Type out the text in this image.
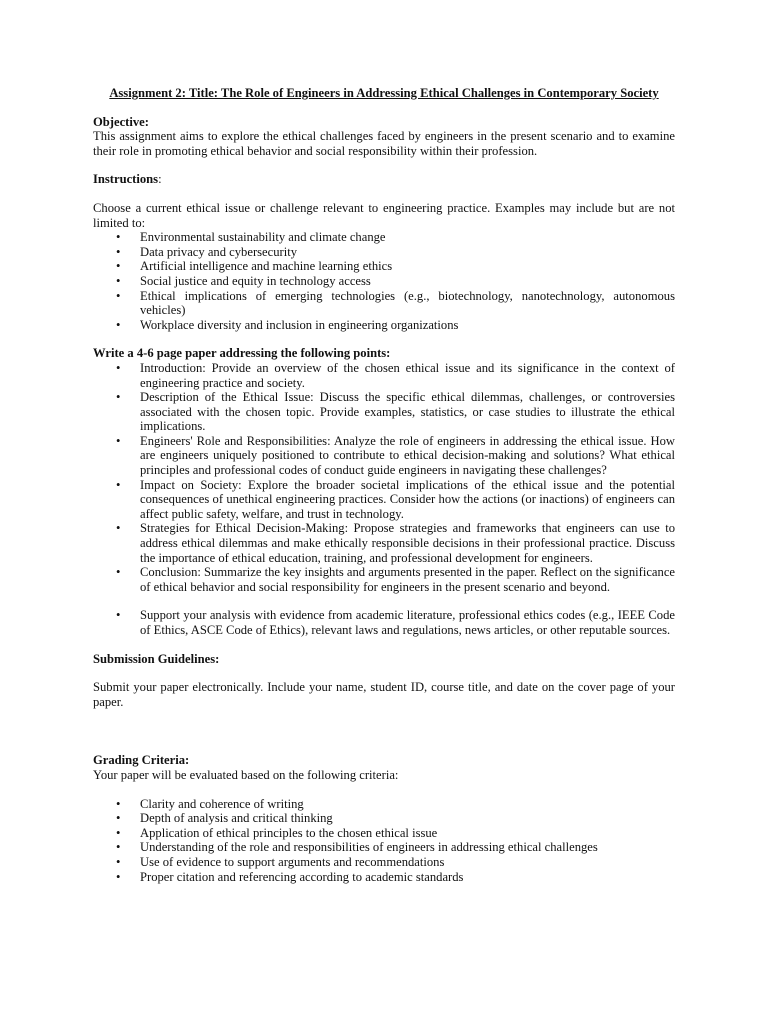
Assignment 2: Title: The Role of Engineers in Addressing Ethical Challenges in Contemporary Society
Objective:

This assignment aims to explore the ethical challenges faced by engineers in the present scenario and to examine their role in promoting ethical behavior and social responsibility within their profession.

Instructions:

Choose a current ethical issue or challenge relevant to engineering practice. Examples may include but are not limited to:

• Environmental sustainability and climate change
• Data privacy and cybersecurity
• Artificial intelligence and machine learning ethics
• Social justice and equity in technology access
• Ethical implications of emerging technologies (e.g., biotechnology, nanotechnology, autonomous vehicles)
• Workplace diversity and inclusion in engineering organizations
Write a 4-6 page paper addressing the following points:
• Introduction: Provide an overview of the chosen ethical issue and its significance in the context of engineering practice and society.
• Description of the Ethical Issue: Discuss the specific ethical dilemmas, challenges, or controversies associated with the chosen topic. Provide examples, statistics, or case studies to illustrate the ethical implications.
• Engineers' Role and Responsibilities: Analyze the role of engineers in addressing the ethical issue. How are engineers uniquely positioned to contribute to ethical decision-making and solutions? What ethical principles and professional codes of conduct guide engineers in navigating these challenges?
• Impact on Society: Explore the broader societal implications of the ethical issue and the potential consequences of unethical engineering practices. Consider how the actions (or inactions) of engineers can affect public safety, welfare, and trust in technology.
• Strategies for Ethical Decision-Making: Propose strategies and frameworks that engineers can use to address ethical dilemmas and make ethically responsible decisions in their professional practice. Discuss the importance of ethical education, training, and professional development for engineers.
• Conclusion: Summarize the key insights and arguments presented in the paper. Reflect on the significance of ethical behavior and social responsibility for engineers in the present scenario and beyond.
• Support your analysis with evidence from academic literature, professional ethics codes (e.g., IEEE Code of Ethics, ASCE Code of Ethics), relevant laws and regulations, news articles, or other reputable sources.
Submission Guidelines:

Submit your paper electronically. Include your name, student ID, course title, and date on the cover page of your paper.

Grading Criteria:

Your paper will be evaluated based on the following criteria:

• Clarity and coherence of writing
• Depth of analysis and critical thinking
• Application of ethical principles to the chosen ethical issue
• Understanding of the role and responsibilities of engineers in addressing ethical challenges
• Use of evidence to support arguments and recommendations
• Proper citation and referencing according to academic standards
